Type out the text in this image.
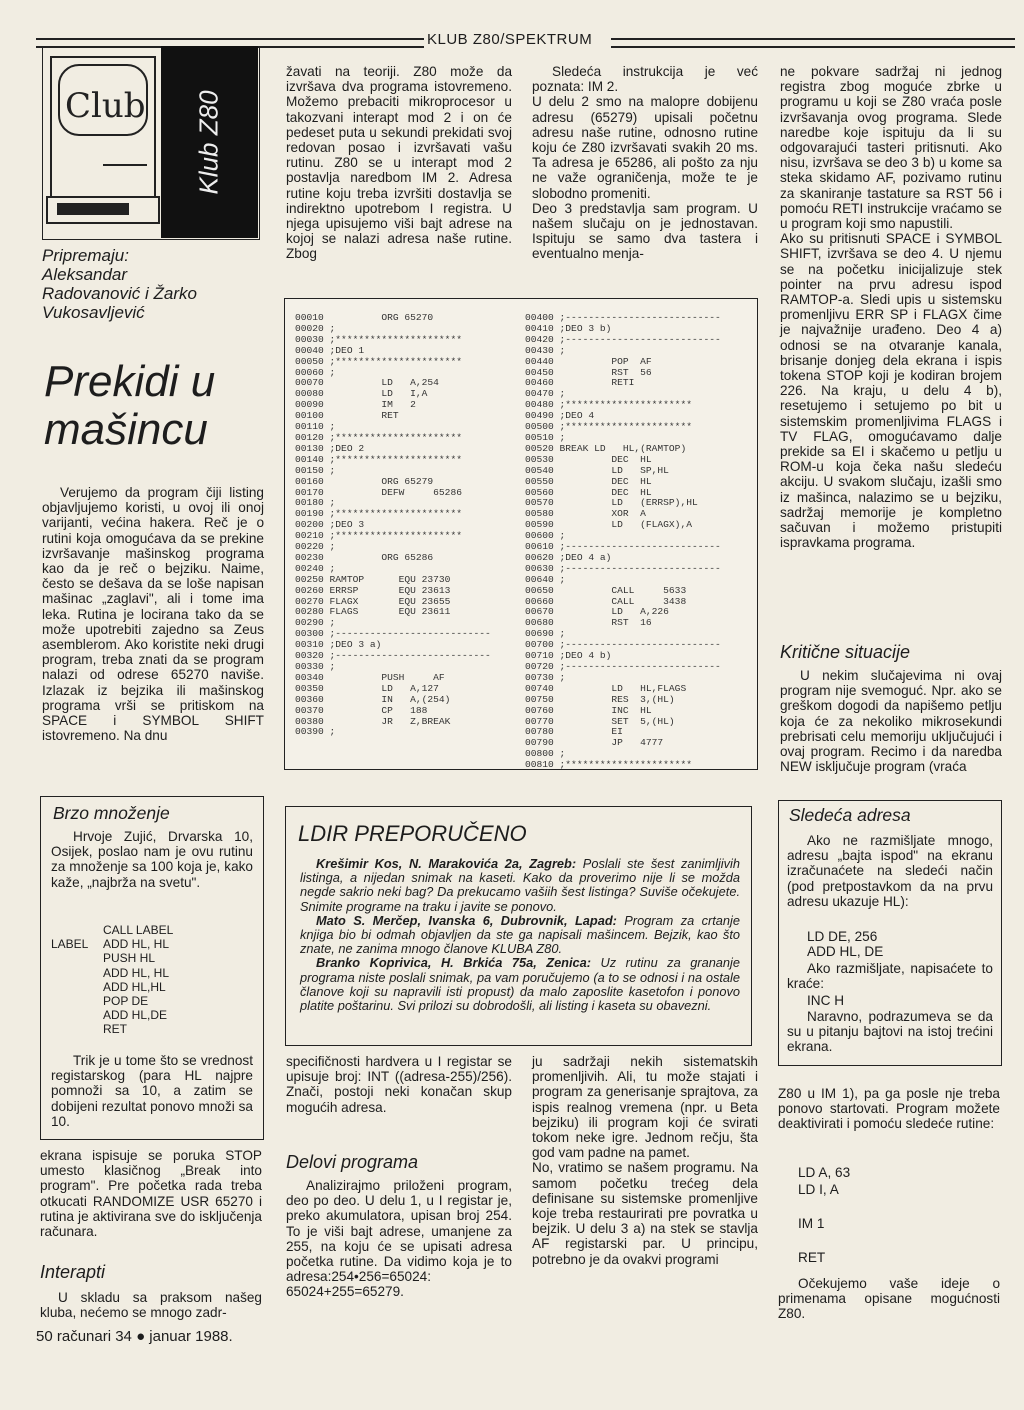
KLUB Z80/SPEKTRUM
Club Klub Z80
Pripremaju:
Aleksandar
Radovanović i Žarko
Vukosavljević
Prekidi u
mašincu
Verujemo da program čiji listing objavljujemo koristi, u ovoj ili onoj varijanti, većina hakera. Reč je o rutini koja omogućava da se prekine izvršavanje mašinskog programa kao da je reč o bejziku. Naime, često se dešava da se loše napisan mašinac „zaglavi", ali i tome ima leka. Rutina je locirana tako da se može upotrebiti zajedno sa Zeus asemblerom. Ako koristite neki drugi program, treba znati da se program nalazi od odrese 65270 naviše. Izlazak iz bejzika ili mašinskog programa vrši se pritiskom na SPACE i SYMBOL SHIFT istovremeno. Na dnu
Brzo množenje
Hrvoje Zujić, Drvarska 10, Osijek, poslao nam je ovu rutinu za množenje sa 100 koja je, kako kaže, „najbrža na svetu".
LABEL
CALL LABEL
ADD HL, HL
PUSH HL
ADD HL, HL
ADD HL,HL
POP DE
ADD HL,DE
RET
Trik je u tome što se vrednost registarskog (para HL najpre pomnoži sa 10, a zatim se dobijeni rezultat ponovo množi sa 10.
ekrana ispisuje se poruka STOP umesto klasičnog „Break into program". Pre početka rada treba otkucati RANDOMIZE USR 65270 i rutina je aktivirana sve do isključenja računara.
Interapti
U skladu sa praksom našeg kluba, nećemo se mnogo zadr-
50 računari 34 ● januar 1988.
žavati na teoriji. Z80 može da izvršava dva programa istovremeno. Možemo prebaciti mikroprocesor u takozvani interapt mod 2 i on će pedeset puta u sekundi prekidati svoj redovan posao i izvršavati vašu rutinu. Z80 se u interapt mod 2 postavlja naredbom IM 2. Adresa rutine koju treba izvršiti dostavlja se indirektno upotrebom I registra. U njega upisujemo viši bajt adrese na kojoj se nalazi adresa naše rutine. Zbog
Sledeća instrukcija je već poznata: IM 2.
U delu 2 smo na malopre dobijenu adresu (65279) upisali početnu adresu naše rutine, odnosno rutine koju će Z80 izvršavati svakih 20 ms. Ta adresa je 65286, ali pošto za nju ne važe ograničenja, može te je slobodno promeniti.
Deo 3 predstavlja sam program. U našem slučaju on je jednostavan. Ispituju se samo dva tastera i eventualno menja-
00010          ORG 65270
00020 ;
00030 ;**********************
00040 ;DEO 1
00050 ;**********************
00060 ;
00070          LD   A,254
00080          LD   I,A
00090          IM   2
00100          RET
00110 ;
00120 ;**********************
00130 ;DEO 2
00140 ;**********************
00150 ;
00160          ORG 65279
00170          DEFW     65286
00180 ;
00190 ;**********************
00200 ;DEO 3
00210 ;**********************
00220 ;
00230          ORG 65286
00240 ;
00250 RAMTOP      EQU 23730
00260 ERRSP       EQU 23613
00270 FLAGX       EQU 23655
00280 FLAGS       EQU 23611
00290 ;
00300 ;---------------------------
00310 ;DEO 3 a)
00320 ;---------------------------
00330 ;
00340          PUSH     AF
00350          LD   A,127
00360          IN   A,(254)
00370          CP   188
00380          JR   Z,BREAK
00390 ;
00400 ;---------------------------
00410 ;DEO 3 b)
00420 ;---------------------------
00430 ;
00440          POP  AF
00450          RST  56
00460          RETI
00470 ;
00480 ;**********************
00490 ;DEO 4
00500 ;**********************
00510 ;
00520 BREAK LD   HL,(RAMTOP)
00530          DEC  HL
00540          LD   SP,HL
00550          DEC  HL
00560          DEC  HL
00570          LD   (ERRSP),HL
00580          XOR  A
00590          LD   (FLAGX),A
00600 ;
00610 ;---------------------------
00620 ;DEO 4 a)
00630 ;---------------------------
00640 ;
00650          CALL     5633
00660          CALL     3438
00670          LD   A,226
00680          RST  16
00690 ;
00700 ;---------------------------
00710 ;DEO 4 b)
00720 ;---------------------------
00730 ;
00740          LD   HL,FLAGS
00750          RES  3,(HL)
00760          INC  HL
00770          SET  5,(HL)
00780          EI
00790          JP   4777
00800 ;
00810 ;**********************
LDIR PREPORUČENO

Krešimir Kos, N. Marakovića 2a, Zagreb: Poslali ste šest zanimljivih listinga, a nijedan snimak na kaseti. Kako da proverimo nije li se možda negde sakrio neki bag? Da prekucamo vašiih šest listinga? Suviše očekujete. Snimite programe na traku i javite se ponovo.

Mato S. Merčep, Ivanska 6, Dubrovnik, Lapad: Program za crtanje knjiga bio bi odmah objavljen da ste ga napisali mašincem. Bejzik, kao što znate, ne zanima mnogo članove KLUBA Z80.

Branko Koprivica, H. Brkića 75a, Zenica: Uz rutinu za grananje programa niste poslali snimak, pa vam poručujemo (a to se odnosi i na ostale članove koji su napravili isti propust) da malo zaposlite kasetofon i ponovo platite poštarinu. Svi prilozi su dobrodošli, ali listing i kaseta su obavezni.

specifičnosti hardvera u I registar se upisuje broj: INT ((adresa-255)/256). Znači, postoji neki konačan skup mogućih adresa.
Delovi programa
Analizirajmo priloženi program, deo po deo. U delu 1, u I registar je, preko akumulatora, upisan broj 254. To je viši bajt adrese, umanjene za 255, na koju će se upisati adresa početka rutine. Da vidimo koja je to adresa:254•256=65024: 65024+255=65279.
ju sadržaji nekih sistematskih promenljivih. Ali, tu može stajati i program za generisanje sprajtova, za ispis realnog vremena (npr. u Beta bejziku) ili program koji će svirati tokom neke igre. Jednom rečju, šta god vam padne na pamet.
No, vratimo se našem programu. Na samom početku trećeg dela definisane su sistemske promenljive koje treba restaurirati pre povratka u bejzik. U delu 3 a) na stek se stavlja AF registarski par. U principu, potrebno je da ovakvi programi
ne pokvare sadržaj ni jednog registra zbog moguće zbrke u programu u koji se Z80 vraća posle izvršavanja ovog programa. Slede naredbe koje ispituju da li su odgovarajući tasteri pritisnuti. Ako nisu, izvršava se deo 3 b) u kome sa steka skidamo AF, pozivamo rutinu za skaniranje tastature sa RST 56 i pomoću RETI instrukcije vraćamo se u program koji smo napustili.
Ako su pritisnuti SPACE i SYMBOL SHIFT, izvršava se deo 4. U njemu se na početku inicijalizuje stek pointer na prvu adresu ispod RAMTOP-a. Sledi upis u sistemsku promenljivu ERR SP i FLAGX čime je najvažnije urađeno. Deo 4 a) odnosi se na otvaranje kanala, brisanje donjeg dela ekrana i ispis tokena STOP koji je kodiran brojem 226. Na kraju, u delu 4 b), resetujemo i setujemo po bit u sistemskim promenljivima FLAGS i TV FLAG, omogućavamo dalje prekide sa EI i skačemo u petlju u ROM-u koja čeka našu sledeću akciju. U svakom slučaju, izašli smo iz mašinca, nalazimo se u bejziku, sadržaj memorije je kompletno sačuvan i možemo pristupiti ispravkama programa.
Kritične situacije
U nekim slučajevima ni ovaj program nije svemoguć. Npr. ako se greškom dogodi da napišemo petlju koja će za nekoliko mikrosekundi prebrisati celu memoriju uključujući i ovaj program. Recimo i da naredba NEW isključuje program (vraća
Sledeća adresa
Ako ne razmišljate mnogo, adresu „bajta ispod" na ekranu izračunaćete na sledeći način (pod pretpostavkom da na prvu adresu ukazuje HL):
LD DE, 256
ADD HL, DE
Ako razmišljate, napisaćete to kraće:
INC H
Naravno, podrazumeva se da su u pitanju bajtovi na istoj trećini ekrana.
Z80 u IM 1), pa ga posle nje treba ponovo startovati. Program možete deaktivirati i pomoću sledeće rutine:
LD A, 63
LD I, A

IM 1

RET
Očekujemo vaše ideje o primenama opisane mogućnosti Z80.
